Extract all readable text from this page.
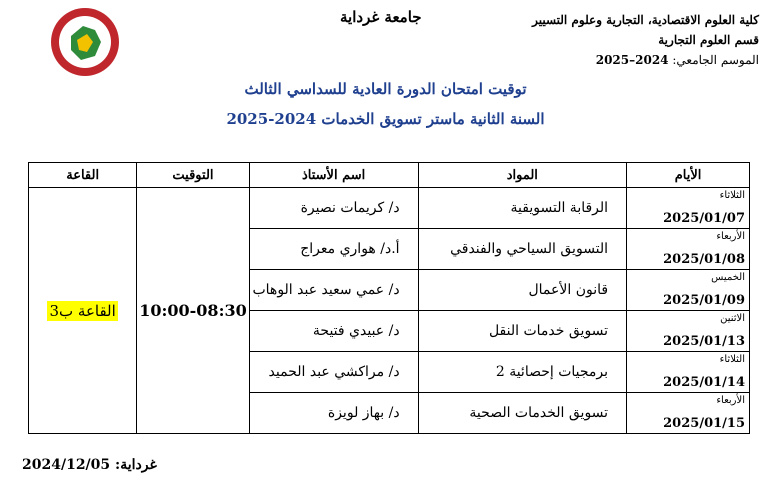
كلية العلوم الاقتصادية، التجارية وعلوم التسيير
قسم العلوم التجارية
الموسم الجامعي: 2024–2025
جامعة غرداية
توقيت امتحان الدورة العادية للسداسي الثالث
السنة الثانية ماستر تسويق الخدمات 2024-2025
الأيام	المواد	اسم الأستاذ	التوقيت	القاعة

الثلاثاء
2025/01/07	الرقابة التسويقية	د/ كريمات نصيرة	10:00-08:30	القاعة ب3

الأربعاء
2025/01/08	التسويق السياحي والفندقي	أ.د/ هواري معراج		

الخميس
2025/01/09	قانون الأعمال	د/ عمي سعيد عبد الوهاب		

الاثنين
2025/01/13	تسويق خدمات النقل	د/ عبيدي فتيحة		

الثلاثاء
2025/01/14	برمجيات إحصائية 2	د/ مراكشي عبد الحميد		

الأربعاء
2025/01/15	تسويق الخدمات الصحية	د/ بهاز لويزة		
غرداية: 2024/12/05
